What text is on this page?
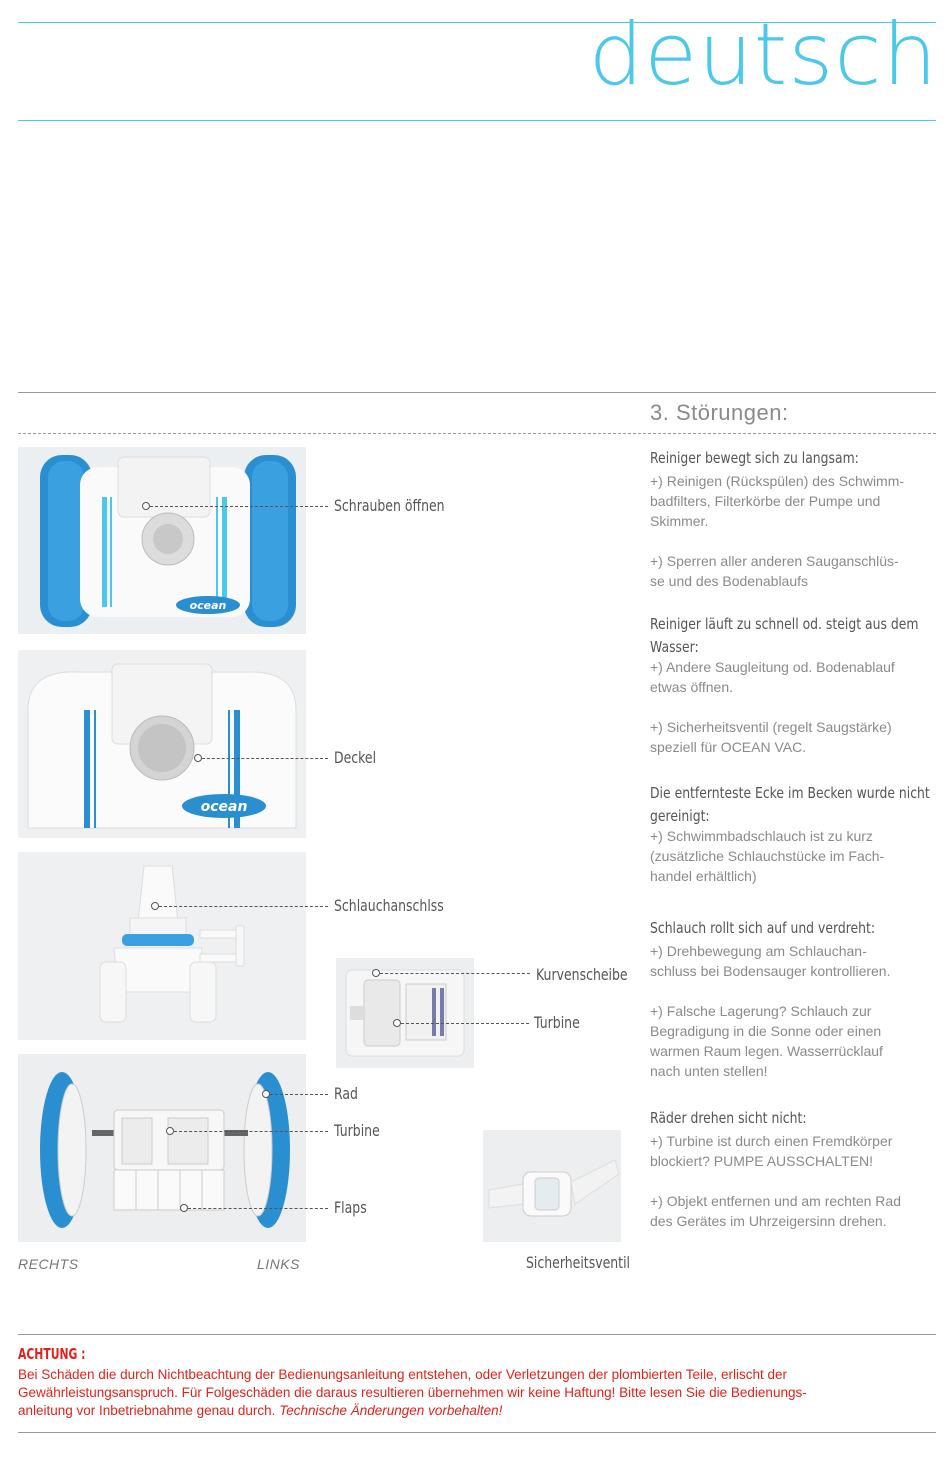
deutsch
3. Störungen:
ocean
Schrauben öffnen
ocean
Deckel
Schlauchanschlss
Kurvenscheibe
Turbine
Rad
Turbine
Flaps
RECHTS	LINKS	Sicherheitsventil
Reiniger bewegt sich zu langsam:
+) Reinigen (Rückspülen) des Schwimm-
badfilters, Filterkörbe der Pumpe und
Skimmer.

+) Sperren aller anderen Sauganschlüs-
se und des Bodenablaufs
Reiniger läuft zu schnell od. steigt aus dem
Wasser:
+) Andere Saugleitung od. Bodenablauf
etwas öffnen.

+) Sicherheitsventil (regelt Saugstärke)
speziell für OCEAN VAC.
Die entfernteste Ecke im Becken wurde nicht
gereinigt:
+) Schwimmbadschlauch ist zu kurz
(zusätzliche Schlauchstücke im Fach-
handel erhältlich)
Schlauch rollt sich auf und verdreht:
+) Drehbewegung am Schlauchan-
schluss bei Bodensauger kontrollieren.

+) Falsche Lagerung? Schlauch zur
Begradigung in die Sonne oder einen
warmen Raum legen. Wasserrücklauf
nach unten stellen!
Räder drehen sicht nicht:
+) Turbine ist durch einen Fremdkörper
blockiert? PUMPE AUSSCHALTEN!

+) Objekt entfernen und am rechten Rad
des Gerätes im Uhrzeigersinn drehen.
ACHTUNG :
Bei Schäden die durch Nichtbeachtung der Bedienungsanleitung entstehen, oder Verletzungen der plombierten Teile, erlischt der
Gewährleistungsanspruch. Für Folgeschäden die daraus resultieren übernehmen wir keine Haftung! Bitte lesen Sie die Bedienungs-
anleitung vor Inbetriebnahme genau durch. Technische Änderungen vorbehalten!
